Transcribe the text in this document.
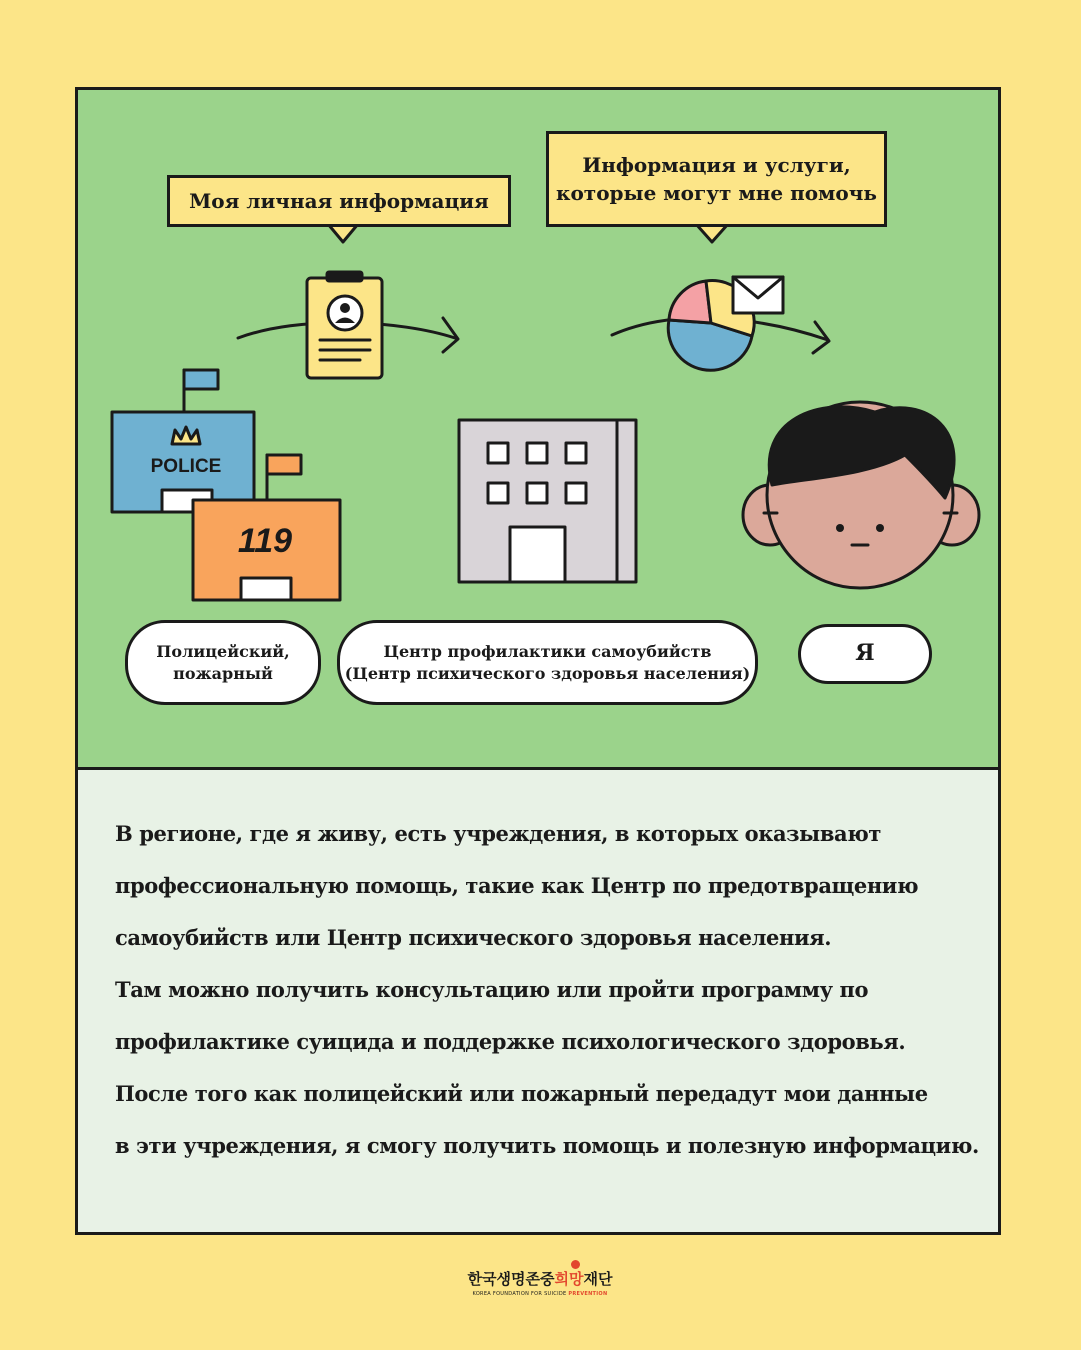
POLICE
119
Моя личная информация
Информация и услуги,
которые могут мне помочь
Полицейский,
пожарный
Центр профилактики самоубийств
(Центр психического здоровья населения)
Я

В регионе, где я живу, есть учреждения, в которых оказывают

профессиональную помощь, такие как Центр по предотвращению

самоубийств или Центр психического здоровья населения.

Там можно получить консультацию или пройти программу по

профилактике суицида и поддержке психологического здоровья.

После того как полицейский или пожарный передадут мои данные

в эти учреждения, я смогу получить помощь и полезную информацию.

한국생명존중희망재단
KOREA FOUNDATION FOR SUICIDE PREVENTION
